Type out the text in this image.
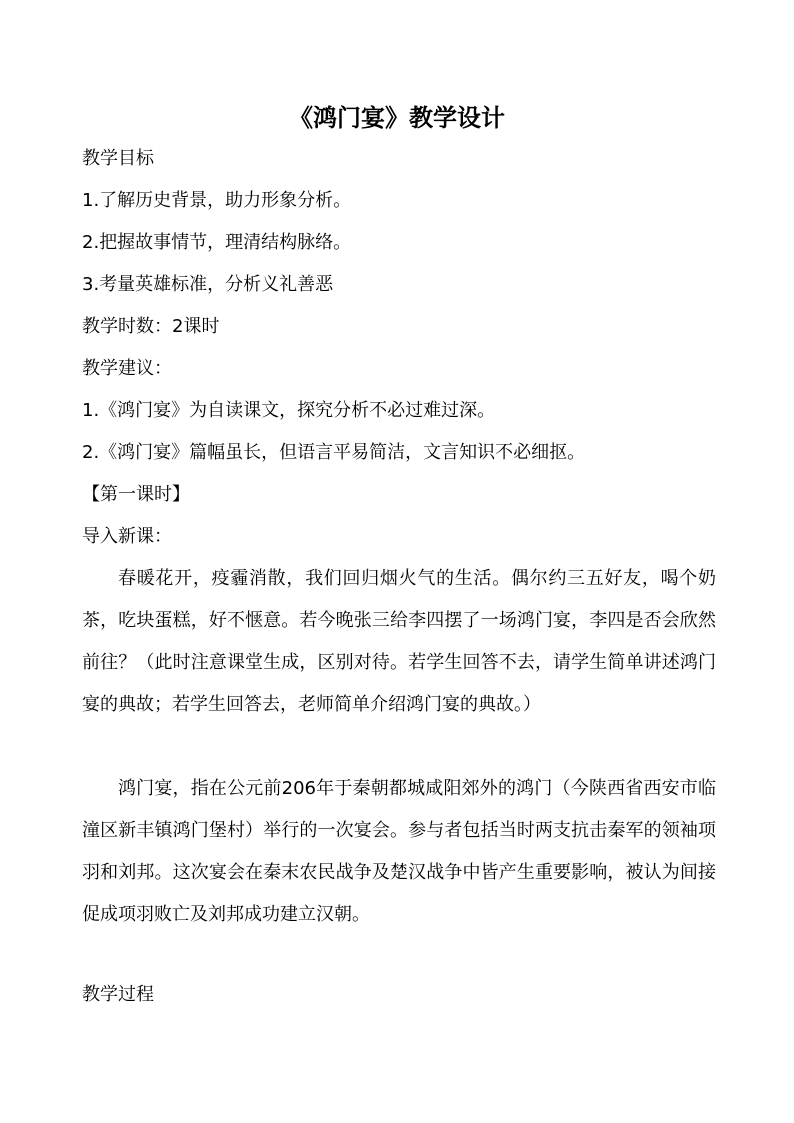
《鸿门宴》教学设计
教学目标
1.了解历史背景，助力形象分析。
2.把握故事情节，理清结构脉络。
3.考量英雄标准，分析义礼善恶
教学时数：2课时
教学建议：
1.《鸿门宴》为自读课文，探究分析不必过难过深。
2.《鸿门宴》篇幅虽长，但语言平易简洁，文言知识不必细抠。
【第一课时】
导入新课：
春暖花开，疫霾消散，我们回归烟火气的生活。偶尔约三五好友，喝个奶茶，吃块蛋糕，好不惬意。若今晚张三给李四摆了一场鸿门宴，李四是否会欣然前往？（此时注意课堂生成，区别对待。若学生回答不去，请学生简单讲述鸿门宴的典故；若学生回答去，老师简单介绍鸿门宴的典故。）
鸿门宴，指在公元前206年于秦朝都城咸阳郊外的鸿门（今陕西省西安市临潼区新丰镇鸿门堡村）举行的一次宴会。参与者包括当时两支抗击秦军的领袖项羽和刘邦。这次宴会在秦末农民战争及楚汉战争中皆产生重要影响，被认为间接促成项羽败亡及刘邦成功建立汉朝。
教学过程
